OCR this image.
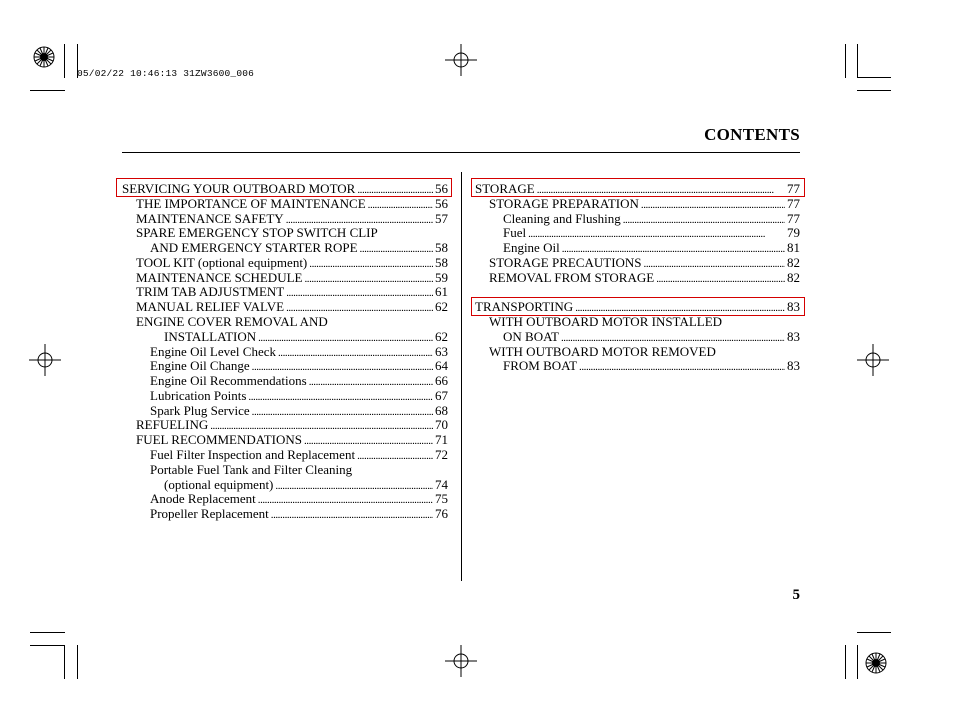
05/02/22 10:46:13 31ZW3600_006
CONTENTS
SERVICING YOUR OUTBOARD MOTOR . . .	56
THE IMPORTANCE OF MAINTENANCE . . .	56
MAINTENANCE SAFETY . . .	57
SPARE EMERGENCY STOP SWITCH CLIP
AND EMERGENCY STARTER ROPE . . .	58
TOOL KIT (optional equipment) . . .	58
MAINTENANCE SCHEDULE . . .	59
TRIM TAB ADJUSTMENT . . .	61
MANUAL RELIEF VALVE . . .	62
ENGINE COVER REMOVAL AND
INSTALLATION . . .	62
Engine Oil Level Check . . .	63
Engine Oil Change . . .	64
Engine Oil Recommendations . . .	66
Lubrication Points . . .	67
Spark Plug Service . . .	68
REFUELING . . .	70
FUEL RECOMMENDATIONS . . .	71
Fuel Filter Inspection and Replacement . . .	72
Portable Fuel Tank and Filter Cleaning
(optional equipment) . . .	74
Anode Replacement . . .	75
Propeller Replacement . . .	76
STORAGE . . .	77
STORAGE PREPARATION . . .	77
Cleaning and Flushing . . .	77
Fuel . . .	79
Engine Oil . . .	81
STORAGE PRECAUTIONS . . .	82
REMOVAL FROM STORAGE . . .	82
TRANSPORTING . . .	83
WITH OUTBOARD MOTOR INSTALLED
ON BOAT . . .	83
WITH OUTBOARD MOTOR REMOVED
FROM BOAT . . .	83
5
